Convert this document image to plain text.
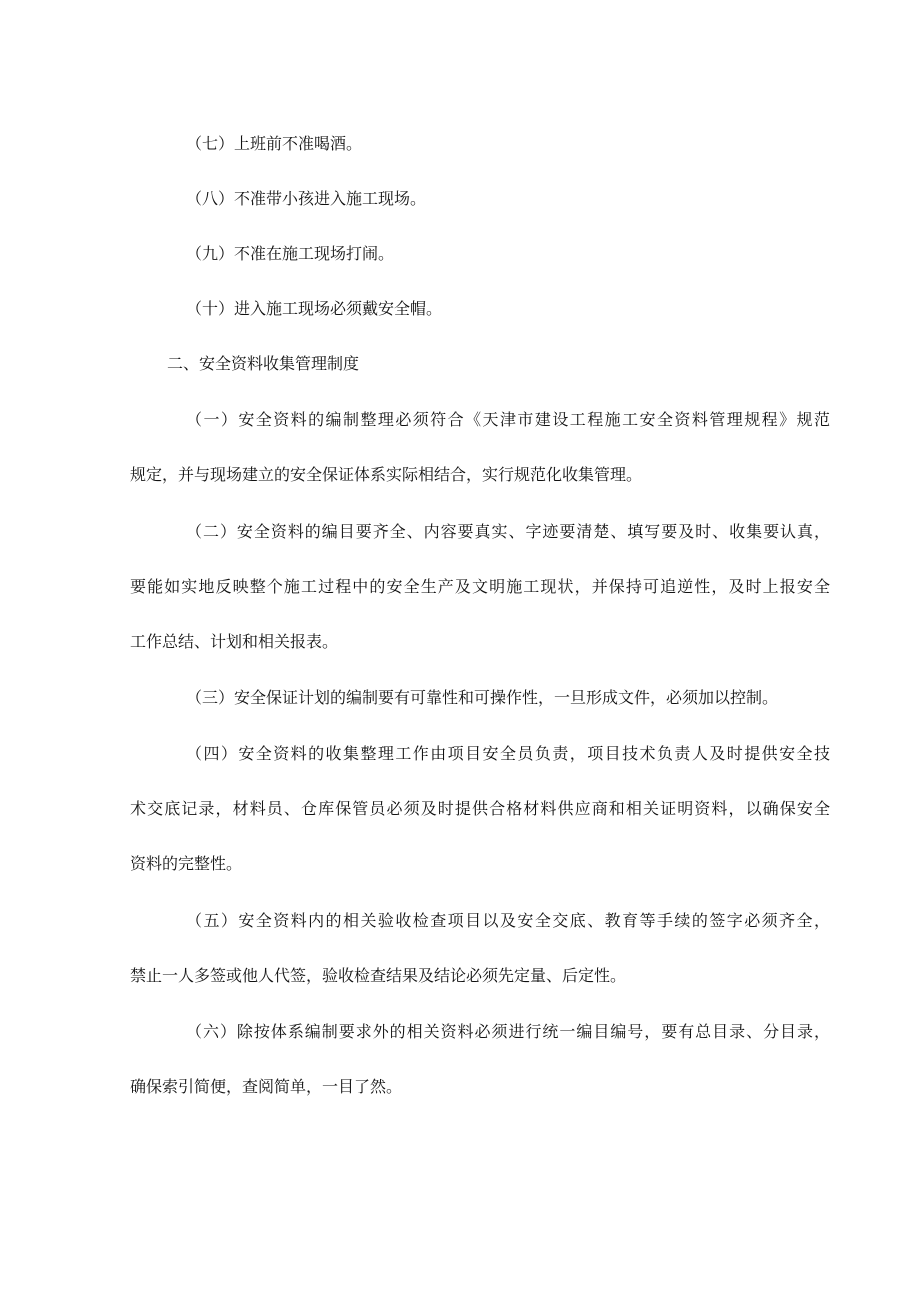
（七）上班前不准喝酒。
（八）不准带小孩进入施工现场。
（九）不准在施工现场打闹。
（十）进入施工现场必须戴安全帽。
二、安全资料收集管理制度
（一）安全资料的编制整理必须符合《天津市建设工程施工安全资料管理规程》规范
规定，并与现场建立的安全保证体系实际相结合，实行规范化收集管理。
（二）安全资料的编目要齐全、内容要真实、字迹要清楚、填写要及时、收集要认真，
要能如实地反映整个施工过程中的安全生产及文明施工现状，并保持可追逆性，及时上报安全
工作总结、计划和相关报表。
（三）安全保证计划的编制要有可靠性和可操作性，一旦形成文件，必须加以控制。
（四）安全资料的收集整理工作由项目安全员负责，项目技术负责人及时提供安全技
术交底记录，材料员、仓库保管员必须及时提供合格材料供应商和相关证明资料，以确保安全
资料的完整性。
（五）安全资料内的相关验收检查项目以及安全交底、教育等手续的签字必须齐全，
禁止一人多签或他人代签，验收检查结果及结论必须先定量、后定性。
（六）除按体系编制要求外的相关资料必须进行统一编目编号，要有总目录、分目录，
确保索引简便，查阅简单，一目了然。
